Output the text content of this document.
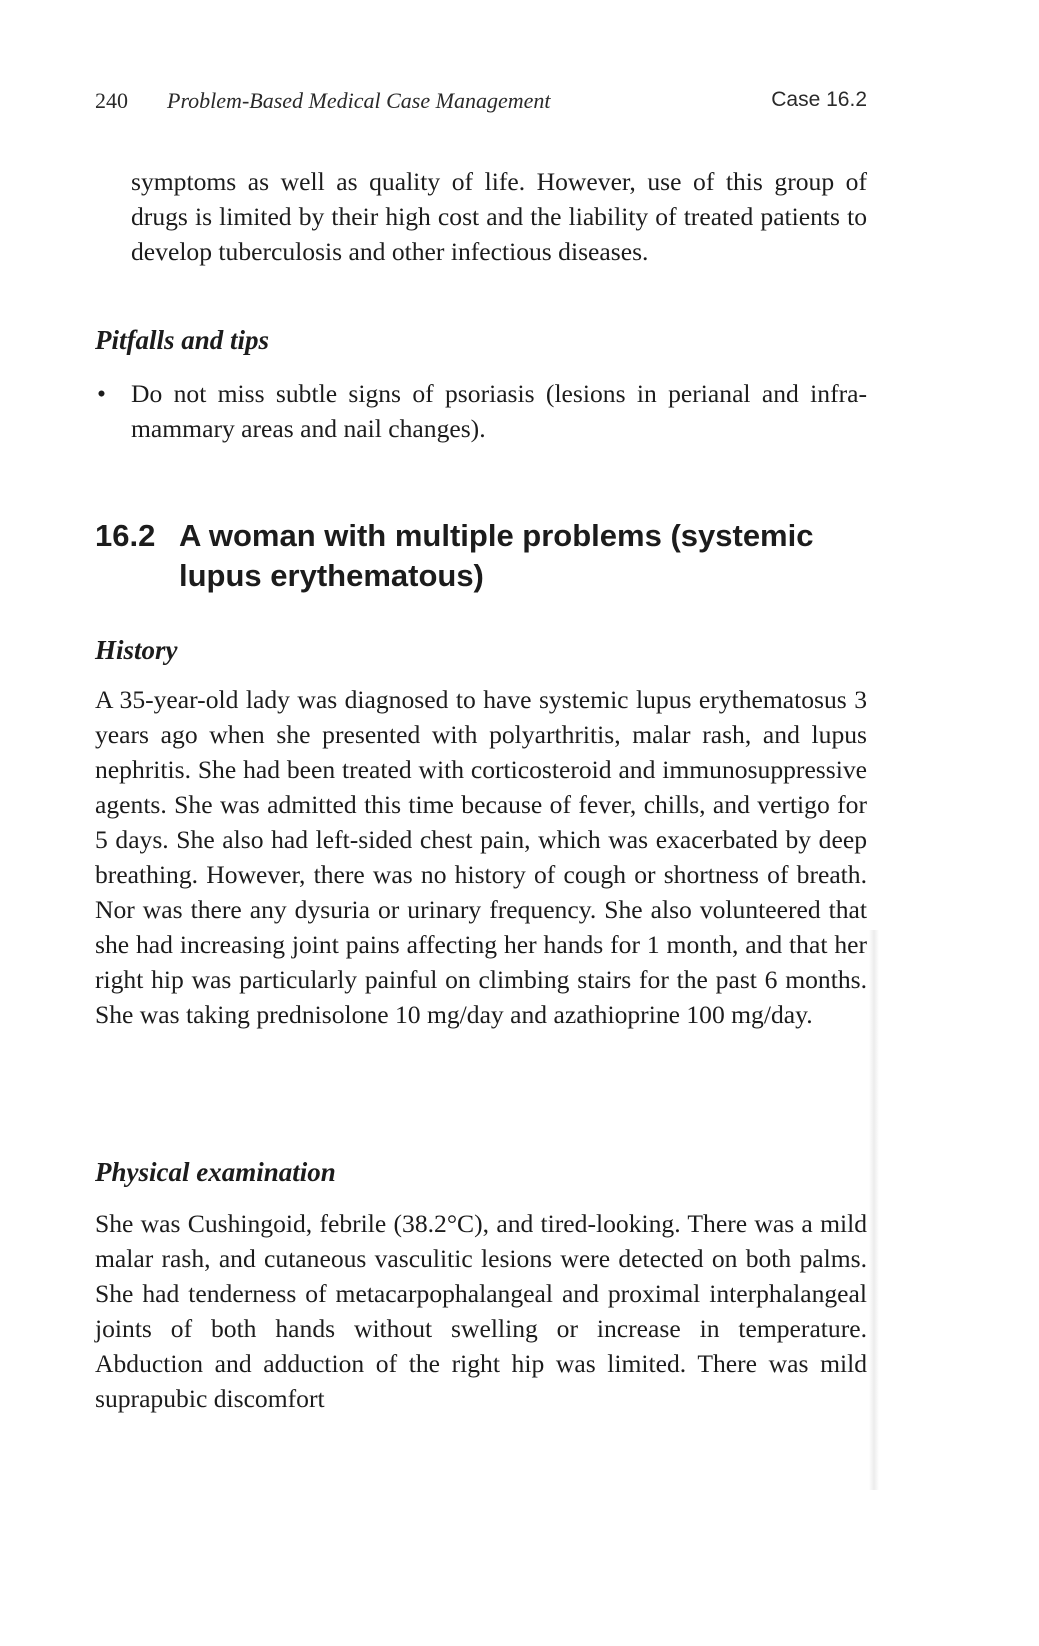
240 Problem-Based Medical Case Management	Case 16.2

symptoms as well as quality of life. However, use of this group of drugs is limited by their high cost and the liability of treated patients to develop tuberculosis and other infectious diseases.

Pitfalls and tips
• Do not miss subtle signs of psoriasis (lesions in perianal and infra-mammary areas and nail changes).
16.2 A woman with multiple problems (systemic lupus erythematous)
History

A 35-year-old lady was diagnosed to have systemic lupus erythematosus 3 years ago when she presented with polyarthritis, malar rash, and lupus nephritis. She had been treated with corticosteroid and immunosuppressive agents. She was admitted this time because of fever, chills, and vertigo for 5 days. She also had left-sided chest pain, which was exacerbated by deep breathing. However, there was no history of cough or shortness of breath. Nor was there any dysuria or urinary frequency. She also volunteered that she had increasing joint pains affecting her hands for 1 month, and that her right hip was particularly painful on climbing stairs for the past 6 months. She was taking prednisolone 10 mg/day and azathioprine 100 mg/day.

Physical examination

She was Cushingoid, febrile (38.2°C), and tired-looking. There was a mild malar rash, and cutaneous vasculitic lesions were detected on both palms. She had tenderness of metacarpophalangeal and proximal interphalangeal joints of both hands without swelling or increase in temperature. Abduction and adduction of the right hip was limited. There was mild suprapubic discomfort
